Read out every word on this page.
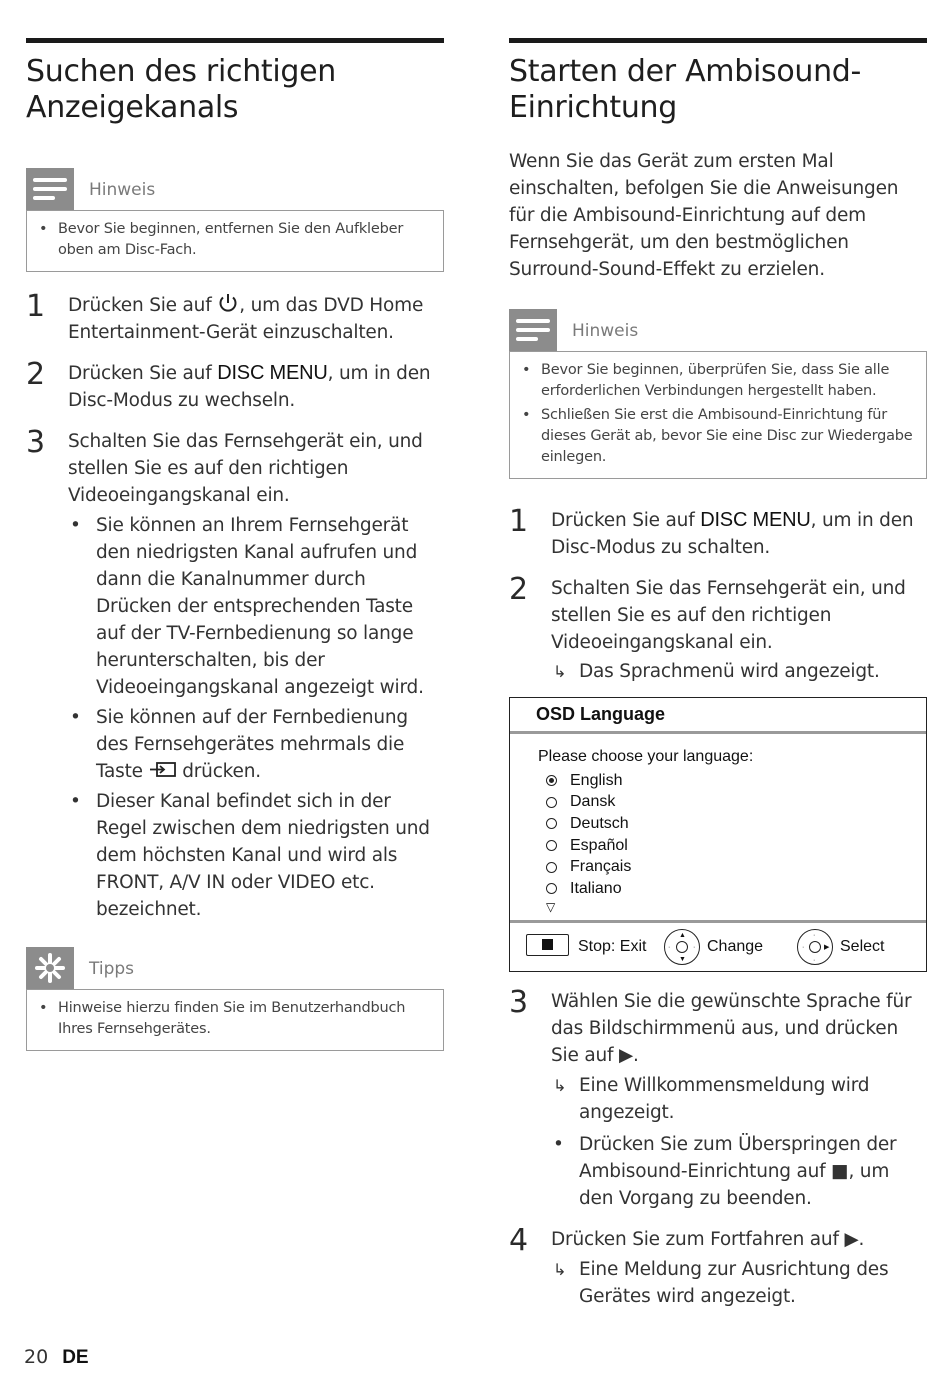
Suchen des richtigen
Anzeigekanals
Hinweis
• Bevor Sie beginnen, entfernen Sie den Aufkleber oben am Disc-Fach.
1	Drücken Sie auf , um das DVD Home Entertainment-Gerät einzuschalten.
2	Drücken Sie auf DISC MENU, um in den Disc-Modus zu wechseln.
3	Schalten Sie das Fernsehgerät ein, und stellen Sie es auf den richtigen Videoeingangskanal ein.
• Sie können an Ihrem Fernsehgerät den niedrigsten Kanal aufrufen und dann die Kanalnummer durch Drücken der entsprechenden Taste auf der TV-Fernbedienung so lange herunterschalten, bis der Videoeingangskanal angezeigt wird.
• Sie können auf der Fernbedienung des Fernsehgerätes mehrmals die Taste drücken.
• Dieser Kanal befindet sich in der Regel zwischen dem niedrigsten und dem höchsten Kanal und wird als FRONT, A/V IN oder VIDEO etc. bezeichnet.
Tipps
• Hinweise hierzu finden Sie im Benutzerhandbuch Ihres Fernsehgerätes.
Starten der Ambisound-
Einrichtung

Wenn Sie das Gerät zum ersten Mal einschalten, befolgen Sie die Anweisungen für die Ambisound-Einrichtung auf dem Fernsehgerät, um den bestmöglichen Surround-Sound-Effekt zu erzielen.

Hinweis
• Bevor Sie beginnen, überprüfen Sie, dass Sie alle erforderlichen Verbindungen hergestellt haben.
• Schließen Sie erst die Ambisound-Einrichtung für dieses Gerät ab, bevor Sie eine Disc zur Wiedergabe einlegen.
1	Drücken Sie auf DISC MENU, um in den Disc-Modus zu schalten.
2	Schalten Sie das Fernsehgerät ein, und stellen Sie es auf den richtigen Videoeingangskanal ein.
↳ Das Sprachmenü wird angezeigt.
OSD Language
Please choose your language:
English
Dansk
Deutsch
Español
Français
Italiano
▽
Stop: Exit
▲
▼
·	· Change	▶
·
·
· Select
3	Wählen Sie die gewünschte Sprache für das Bildschirmmenü aus, und drücken Sie auf ▶.
↳ Eine Willkommensmeldung wird angezeigt.
• Drücken Sie zum Überspringen der Ambisound-Einrichtung auf ■, um den Vorgang zu beenden.
4	Drücken Sie zum Fortfahren auf ▶.
↳ Eine Meldung zur Ausrichtung des Gerätes wird angezeigt.
20 DE
